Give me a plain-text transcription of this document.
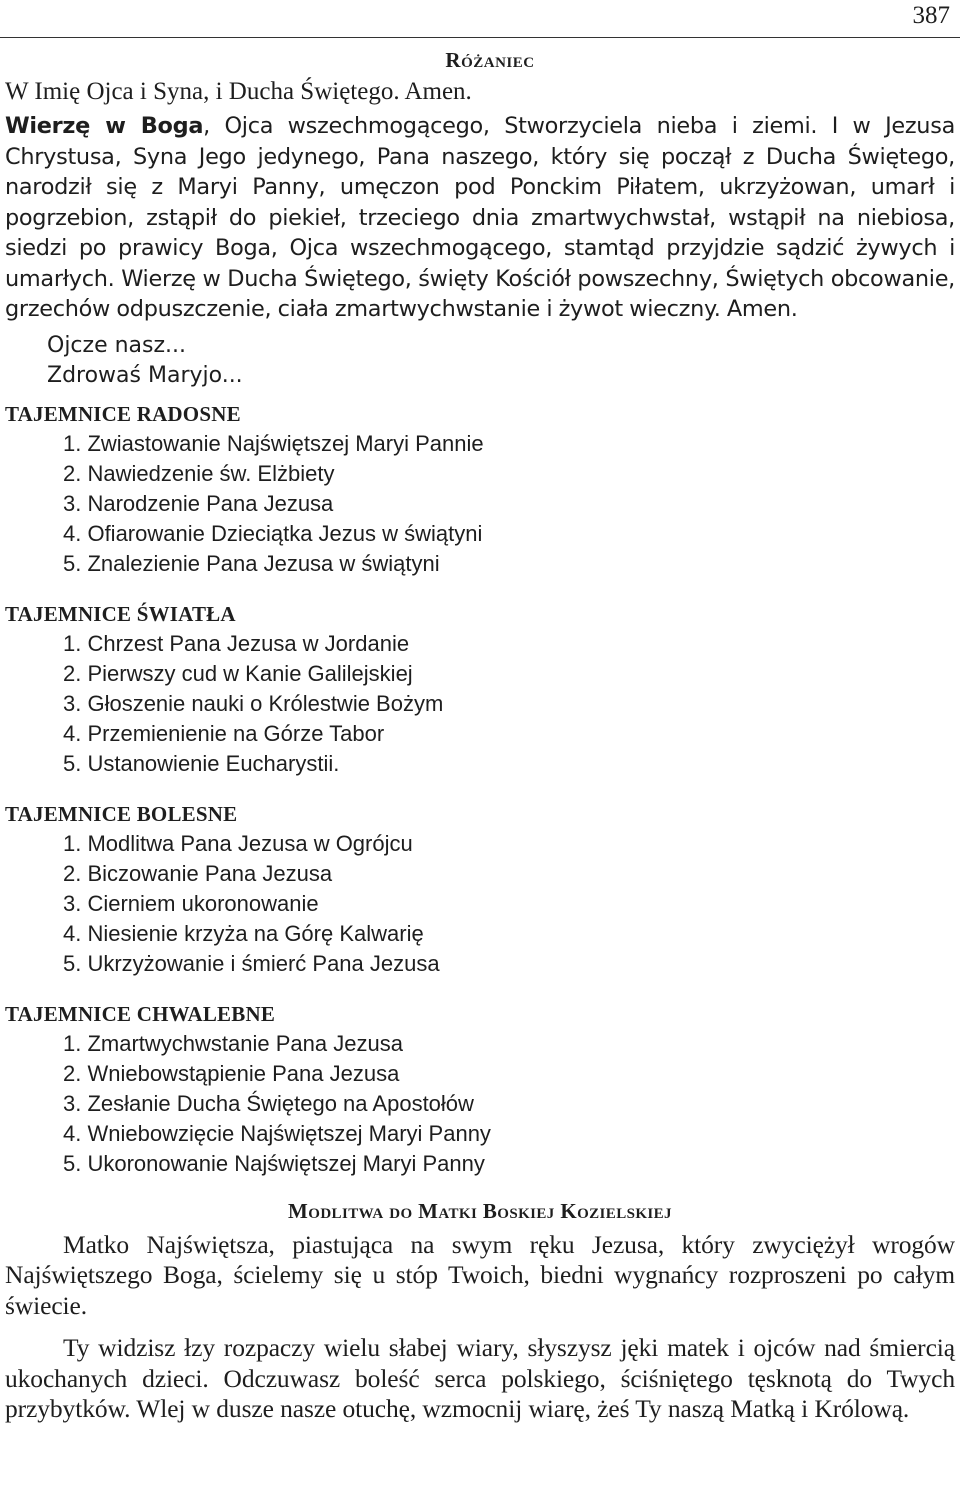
387
Różaniec
W Imię Ojca i Syna, i Ducha Świętego. Amen.

Wierzę w Boga, Ojca wszechmogącego, Stworzyciela nieba i ziemi. I w Jezusa Chrystusa, Syna Jego jedynego, Pana naszego, który się począł z Ducha Świętego, narodził się z Maryi Panny, umęczon pod Ponckim Piłatem, ukrzyżowan, umarł i pogrzebion, zstąpił do piekieł, trzeciego dnia zmartwychwstał, wstąpił na niebiosa, siedzi po prawicy Boga, Ojca wszechmogącego, stamtąd przyjdzie sądzić żywych i umarłych. Wierzę w Ducha Świętego, święty Kościół powszechny, Świętych obcowanie, grzechów odpuszczenie, ciała zmartwychwstanie i żywot wieczny. Amen.

Ojcze nasz...
Zdrowaś Maryjo...
TAJEMNICE RADOSNE
1. Zwiastowanie Najświętszej Maryi Pannie
2. Nawiedzenie św. Elżbiety
3. Narodzenie Pana Jezusa
4. Ofiarowanie Dzieciątka Jezus w świątyni
5. Znalezienie Pana Jezusa w świątyni
TAJEMNICE ŚWIATŁA
1. Chrzest Pana Jezusa w Jordanie
2. Pierwszy cud w Kanie Galilejskiej
3. Głoszenie nauki o Królestwie Bożym
4. Przemienienie na Górze Tabor
5. Ustanowienie Eucharystii.
TAJEMNICE BOLESNE
1. Modlitwa Pana Jezusa w Ogrójcu
2. Biczowanie Pana Jezusa
3. Cierniem ukoronowanie
4. Niesienie krzyża na Górę Kalwarię
5. Ukrzyżowanie i śmierć Pana Jezusa
TAJEMNICE CHWALEBNE
1. Zmartwychwstanie Pana Jezusa
2. Wniebowstąpienie Pana Jezusa
3. Zesłanie Ducha Świętego na Apostołów
4. Wniebowzięcie Najświętszej Maryi Panny
5. Ukoronowanie Najświętszej Maryi Panny
Modlitwa do Matki Boskiej Kozielskiej

Matko Najświętsza, piastująca na swym ręku Jezusa, który zwyciężył wrogów Najświętszego Boga, ścielemy się u stóp Twoich, biedni wygnańcy rozproszeni po całym świecie.

Ty widzisz łzy rozpaczy wielu słabej wiary, słyszysz jęki matek i ojców nad śmiercią ukochanych dzieci. Odczuwasz boleść serca polskiego, ściśniętego tęsknotą do Twych przybytków. Wlej w dusze nasze otuchę, wzmocnij wiarę, żeś Ty naszą Matką i Królową.
